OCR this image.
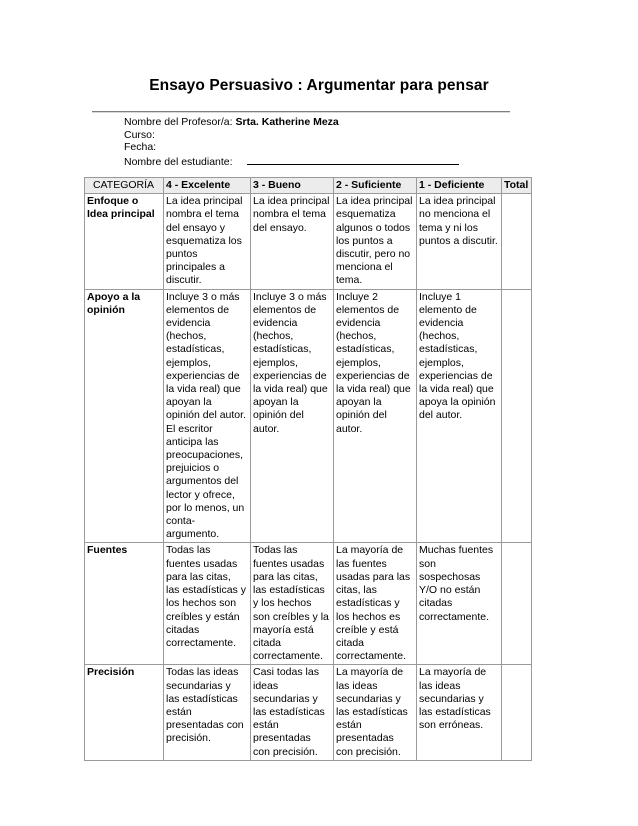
Ensayo Persuasivo : Argumentar para pensar
Nombre del Profesor/a: Srta. Katherine Meza
Curso:
Fecha:
Nombre del estudiante:
CATEGORÍA	4 - Excelente	3 - Bueno	2 - Suficiente	1 - Deficiente	Total
Enfoque o Idea principal	La idea principal nombra el tema del ensayo y esquematiza los puntos principales a discutir.	La idea principal nombra el tema del ensayo.	La idea principal esquematiza algunos o todos los puntos a discutir, pero no menciona el tema.	La idea principal no menciona el tema y ni los puntos a discutir.	
Apoyo a la opinión	Incluye 3 o más elementos de evidencia (hechos, estadísticas, ejemplos, experiencias de la vida real) que apoyan la opinión del autor. El escritor anticipa las preocupaciones, prejuicios o argumentos del lector y ofrece, por lo menos, un conta-argumento.	Incluye 3 o más elementos de evidencia (hechos, estadísticas, ejemplos, experiencias de la vida real) que apoyan la opinión del autor.	Incluye 2 elementos de evidencia (hechos, estadísticas, ejemplos, experiencias de la vida real) que apoyan la opinión del autor.	Incluye 1 elemento de evidencia (hechos, estadísticas, ejemplos, experiencias de la vida real) que apoya la opinión del autor.	
Fuentes	Todas las fuentes usadas para las citas, las estadísticas y los hechos son creíbles y están citadas correctamente.	Todas las fuentes usadas para las citas, las estadísticas y los hechos son creíbles y la mayoría está citada correctamente.	La mayoría de las fuentes usadas para las citas, las estadísticas y los hechos es creíble y está citada correctamente.	Muchas fuentes son sospechosas Y/O no están citadas correctamente.	
Precisión	Todas las ideas secundarias y las estadísticas están presentadas con precisión.	Casi todas las ideas secundarias y las estadísticas están presentadas con precisión.	La mayoría de las ideas secundarias y las estadísticas están presentadas con precisión.	La mayoría de las ideas secundarias y las estadísticas son erróneas.	
